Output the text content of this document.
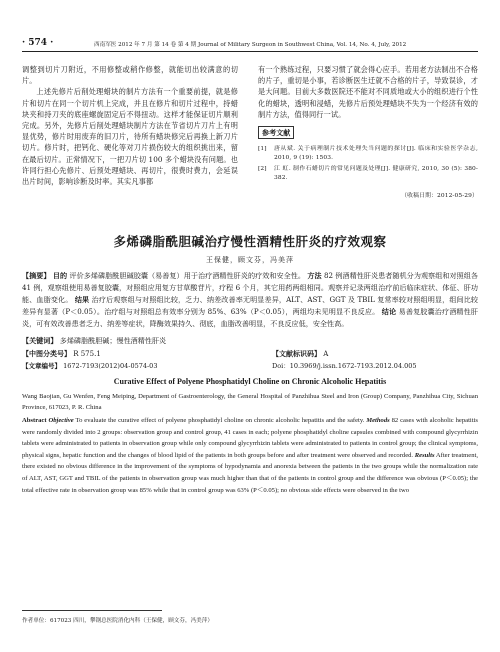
· 574 ·	西南军医 2012 年 7 月 第 14 卷 第 4 期 Journal of Military Surgeon in Southwest China, Vol. 14, No. 4, July, 2012

调整到切片刀附近，不用修整或稍作修整，就能切出较满意的切片。

上述先修片后削处理蜡块的制片方法有一个重要前提，就是修片和切片在同一个切片机上完成，并且在修片和切片过程中，持蜡块夹和持刀夹的底座螺旋固定后不得扭动。这样才能保证切片顺利完成。另外，先修片后削处理蜡块制片方法在节省切片刀片上有明显优势，修片时用废弃的旧刀片，待所有蜡块修完后再换上新刀片切片。修片时，把钙化、硬化等对刀片损伤较大的组织挑出来，留在最后切片。正常情况下，一把刀片切 100 多个蜡块没有问题。也许同行担心先修片、后预处理蜡块、再切片，很费时费力，会延误出片时间，影响诊断及时率。其实凡事都

有一个熟练过程，只要习惯了就会得心应手。若用老方法制出不合格的片子，重切是小事，若诊断医生迁就不合格的片子，导致误诊，才是大问题。目前大多数医院还不能对不同质地或大小的组织进行个性化的蜡块，透明和浸蜡，先修片后预处理蜡块不失为一个经济有效的制片方法，值得同行一试。

参考文献
[1]	唐从斌. 关于病理制片技术处理失当问题的探讨[J]. 临床和实验医学杂志, 2010, 9 (19): 1503.
[2]	江 虹. 制作石蜡切片的常见问题及处理[J]. 健康研究, 2010, 30 (5): 380-382.
（收稿日期：2012-05-29）
多烯磷脂酰胆碱治疗慢性酒精性肝炎的疗效观察
王保健，顾文芬，冯美萍

【摘要】 目的 评价多烯磷脂酰胆碱胶囊（易善复）用于治疗酒精性肝炎的疗效和安全性。 方法 82 例酒精性肝炎患者随机分为观察组和对照组各 41 例，观察组使用易善复胶囊，对照组应用复方甘草酸苷片，疗程 6 个月，其它用药两组相同。观察并记录两组治疗前后临床症状、体征、肝功能、血脂变化。 结果 治疗后观察组与对照组比较，乏力、纳差改善率无明显差异，ALT、AST、GGT 及 TBIL 复常率较对照组明显，组间比较差异有显著（P＜0.05）。治疗组与对照组总有效率分别为 85%、63%（P＜0.05），两组均未见明显不良反应。 结论 易善复胶囊治疗酒精性肝炎，可有效改善患者乏力、纳差等症状，降酶效果持久、彻底，血脂改善明显，不良反应低，安全性高。

【关键词】 多烯磷脂酰胆碱；慢性酒精性肝炎
【中图分类号】 R 575.1	【文献标识码】 A
【文章编号】 1672-7193(2012)04-0574-03	Doi：10.3969/j.issn.1672-7193.2012.04.005
Curative Effect of Polyene Phosphatidyl Choline on Chronic Alcoholic Hepatitis
Wang Baojian, Gu Wenfen, Feng Meiping, Department of Gastroenterology, the General Hospital of Panzhihua Steel and Iron (Group) Company, Panzhihua City, Sichuan Province, 617023, P. R. China

Abstract Objective To evaluate the curative effect of polyene phosphatidyl choline on chronic alcoholic hepatitis and the safety. Methods 82 cases with alcoholic hepatitis were randomly divided into 2 groups: observation group and control group, 41 cases in each; polyene phosphatidyl choline capsules combined with compound glycyrrhizin tablets were administrated to patients in observation group while only compound glycyrrhizin tablets were administrated to patients in control group; the clinical symptoms, physical signs, hepatic function and the changes of blood lipid of the patients in both groups before and after treatment were observed and recorded. Results After treatment, there existed no obvious difference in the improvement of the symptoms of hypodynamia and anorexia between the patients in the two groups while the normalization rate of ALT, AST, GGT and TBIL of the patients in observation group was much higher than that of the patients in control group and the difference was obvious (P＜0.05); the total effective rate in observation group was 85% while that in control group was 63% (P＜0.05); no obvious side effects were observed in the two

作者单位：617023 四川，攀钢总医院消化内科（王保健，顾文芬，冯美萍）
